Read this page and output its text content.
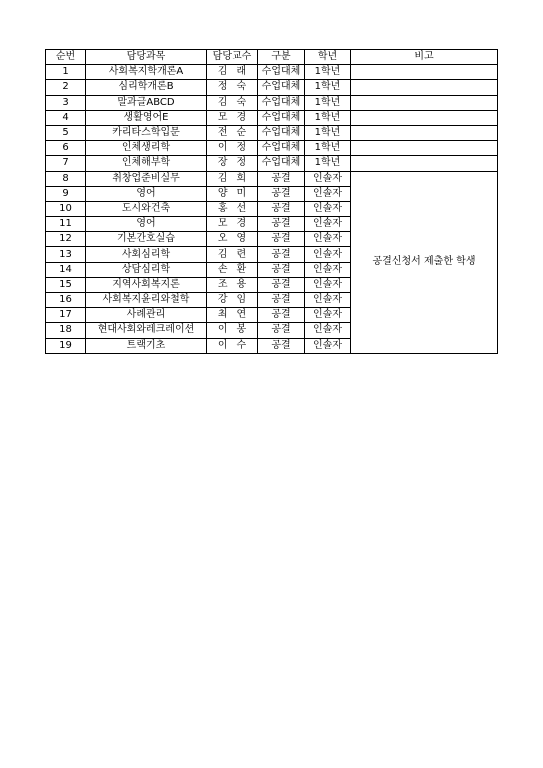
순번	담당과목	담당교수	구분	학년	비고
1	사회복지학개론A	김래	수업대체	1학년	
2	심리학개론B	정숙	수업대체	1학년	
3	말과글ABCD	김숙	수업대체	1학년	
4	생활영어E	모경	수업대체	1학년	
5	카리타스학입문	전순	수업대체	1학년	
6	인체생리학	이정	수업대체	1학년	
7	인체해부학	장정	수업대체	1학년	
8	취창업준비실무	김희	공결	인솔자	공결신청서 제출한 학생
9	영어	양미	공결	인솔자	
10	도시와건축	홍선	공결	인솔자	
11	영어	모경	공결	인솔자	
12	기본간호실습	오영	공결	인솔자	
13	사회심리학	김련	공결	인솔자	
14	상담심리학	손환	공결	인솔자	
15	지역사회복지론	조용	공결	인솔자	
16	사회복지윤리와철학	강임	공결	인솔자	
17	사례관리	최연	공결	인솔자	
18	현대사회와레크레이션	이봉	공결	인솔자	
19	트랙기초	이수	공결	인솔자	
